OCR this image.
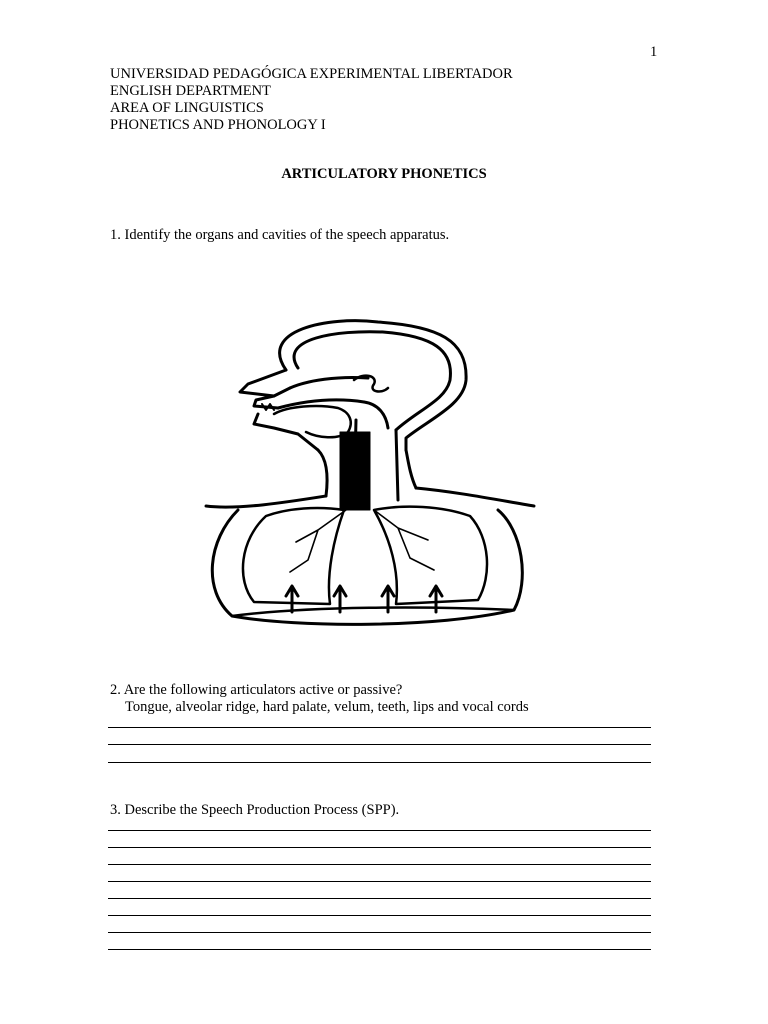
1
UNIVERSIDAD PEDAGÓGICA EXPERIMENTAL LIBERTADOR
ENGLISH DEPARTMENT
AREA OF LINGUISTICS
PHONETICS AND PHONOLOGY I
ARTICULATORY PHONETICS
1. Identify the organs and cavities of the speech apparatus.
2. Are the following articulators active or passive?
Tongue, alveolar ridge, hard palate, velum, teeth, lips and vocal cords
3. Describe the Speech Production Process (SPP).
